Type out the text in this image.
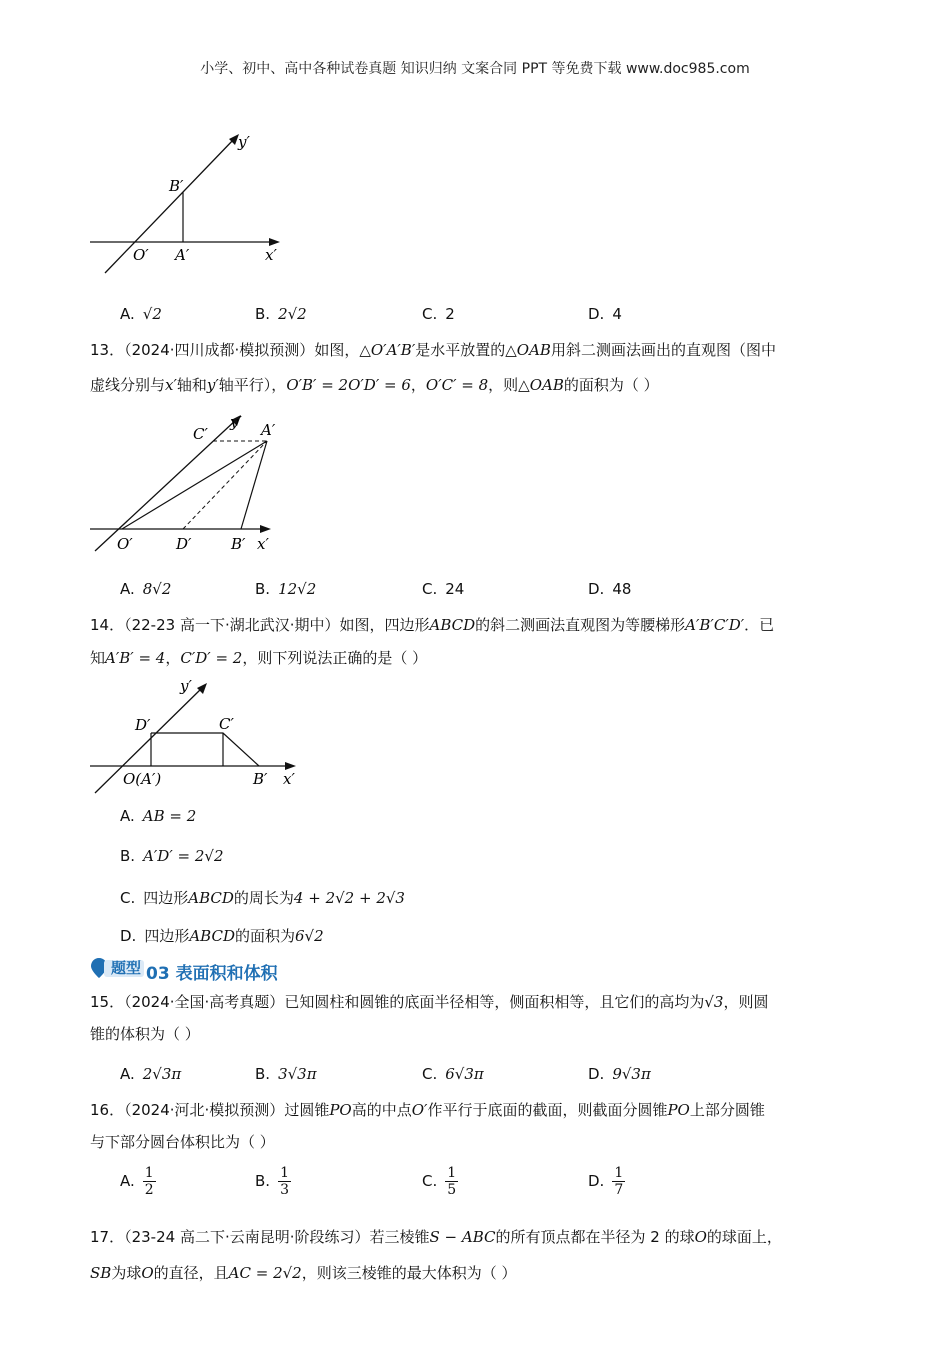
小学、初中、高中各种试卷真题 知识归纳 文案合同 PPT 等免费下载 www.doc985.com
y′
B′
O′ A′	x′
A. √2	B. 2√2	C. 2	D. 4
13．（2024·四川成都·模拟预测）如图，△O′A′B′是水平放置的△OAB用斜二测画法画出的直观图（图中
虚线分别与x′轴和y′轴平行），O′B′ = 2O′D′ = 6，O′C′ = 8，则△OAB的面积为（ ）
C′
y′ A′
O′	D′	B′ x′
A. 8√2	B. 12√2	C. 24	D. 48
14．（22-23 高一下·湖北武汉·期中）如图，四边形ABCD的斜二测画法直观图为等腰梯形A′B′C′D′．已
知A′B′ = 4，C′D′ = 2，则下列说法正确的是（ ）
y′
D′	C′
O(A′)	B′ x′
A. AB = 2
B. A′D′ = 2√2
C. 四边形ABCD的周长为4 + 2√2 + 2√3
D. 四边形ABCD的面积为6√2
题型 03 表面积和体积
15．（2024·全国·高考真题）已知圆柱和圆锥的底面半径相等，侧面积相等，且它们的高均为√3，则圆
锥的体积为（ ）
A. 2√3π	B. 3√3π	C. 6√3π	D. 9√3π
16．（2024·河北·模拟预测）过圆锥PO高的中点O′作平行于底面的截面，则截面分圆锥PO上部分圆锥
与下部分圆台体积比为（ ）
A. $\frac{1}{2}$	B. $\frac{1}{3}$	C. $\frac{1}{5}$	D. $\frac{1}{7}$
17．（23-24 高二下·云南昆明·阶段练习）若三棱锥S − ABC的所有顶点都在半径为 2 的球O的球面上，
SB为球O的直径，且AC = 2√2，则该三棱锥的最大体积为（ ）
